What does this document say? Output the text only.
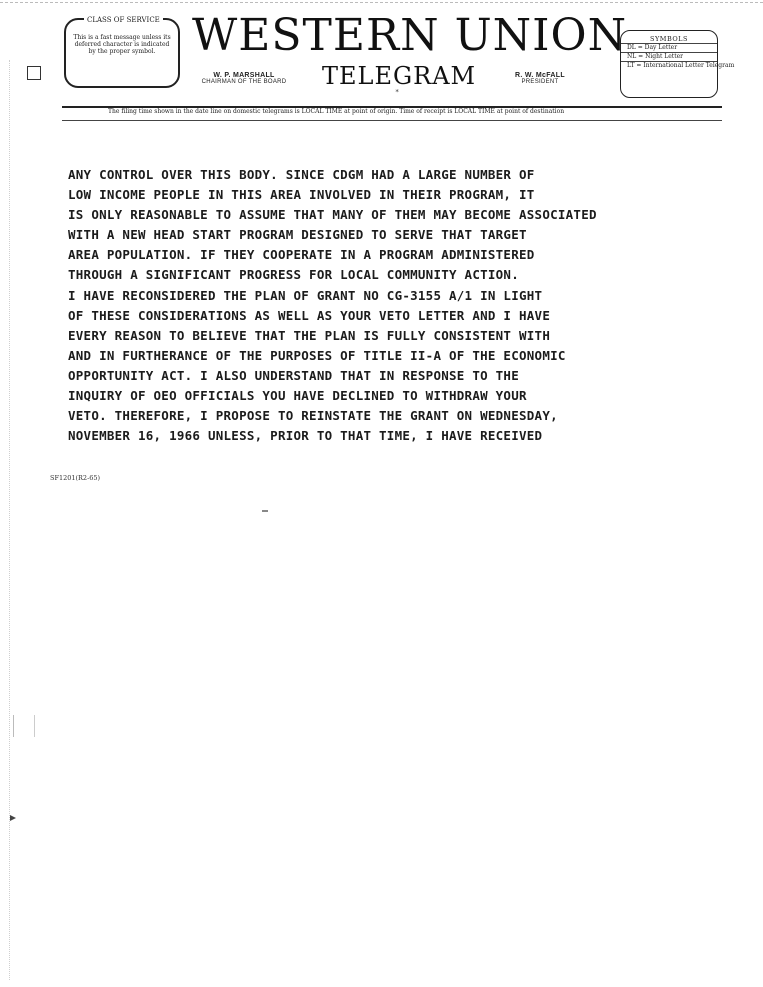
CLASS OF SERVICE
This is a fast message unless its deferred character is indicated by the proper symbol. WESTERN UNION
TELEGRAM
W. P. MARSHALL
CHAIRMAN OF THE BOARD
*
R. W. McFALL
PRESIDENT
SYMBOLS
DL = Day Letter
NL = Night Letter
LT = International Letter Telegram
The filing time shown in the date line on domestic telegrams is LOCAL TIME at point of origin. Time of receipt is LOCAL TIME at point of destination
ANY CONTROL OVER THIS BODY. SINCE CDGM HAD A LARGE NUMBER OF
LOW INCOME PEOPLE IN THIS AREA INVOLVED IN THEIR PROGRAM, IT
IS ONLY REASONABLE TO ASSUME THAT MANY OF THEM MAY BECOME ASSOCIATED
WITH A NEW HEAD START PROGRAM DESIGNED TO SERVE THAT TARGET
AREA POPULATION. IF THEY COOPERATE IN A PROGRAM ADMINISTERED
THROUGH A SIGNIFICANT PROGRESS FOR LOCAL COMMUNITY ACTION.
I HAVE RECONSIDERED THE PLAN OF GRANT NO CG-3155 A/1 IN LIGHT
OF THESE CONSIDERATIONS AS WELL AS YOUR VETO LETTER AND I HAVE
EVERY REASON TO BELIEVE THAT THE PLAN IS FULLY CONSISTENT WITH
AND IN FURTHERANCE OF THE PURPOSES OF TITLE II-A OF THE ECONOMIC
OPPORTUNITY ACT. I ALSO UNDERSTAND THAT IN RESPONSE TO THE
INQUIRY OF OEO OFFICIALS YOU HAVE DECLINED TO WITHDRAW YOUR
VETO. THEREFORE, I PROPOSE TO REINSTATE THE GRANT ON WEDNESDAY,
NOVEMBER 16, 1966 UNLESS, PRIOR TO THAT TIME, I HAVE RECEIVED
SF1201(R2-65)
